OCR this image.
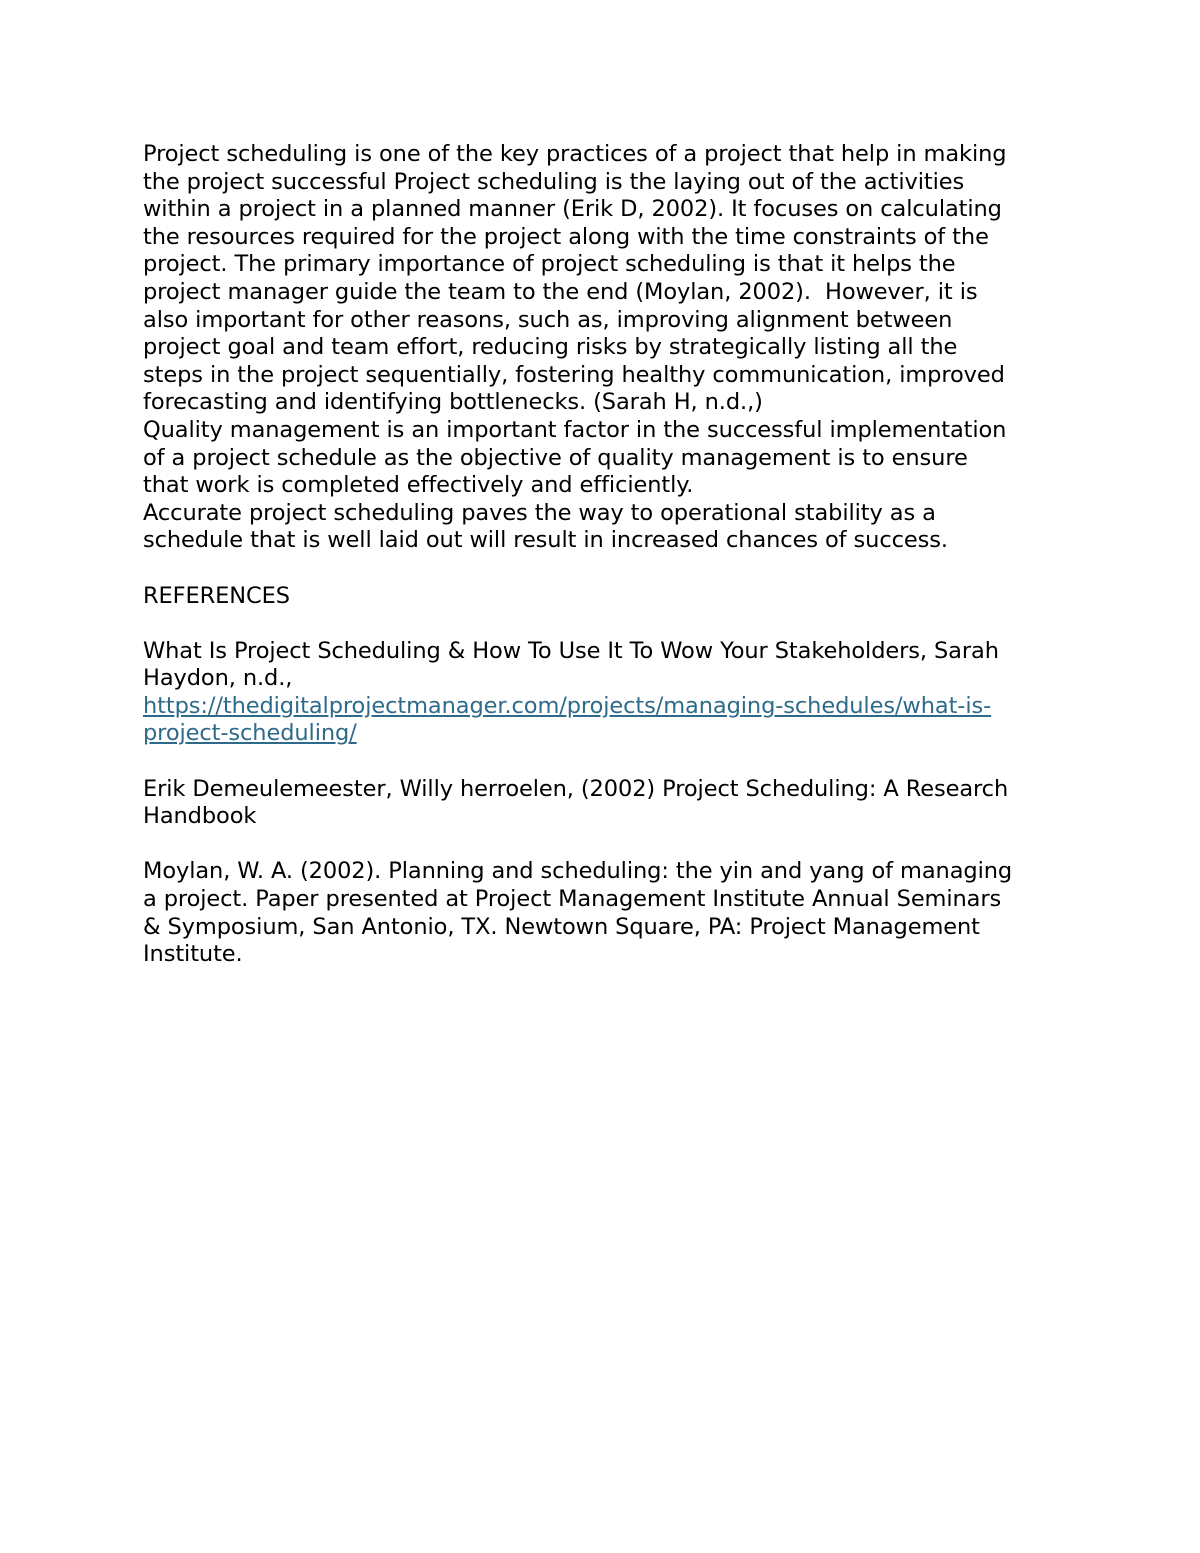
Project scheduling is one of the key practices of a project that help in making
the project successful Project scheduling is the laying out of the activities
within a project in a planned manner (Erik D, 2002). It focuses on calculating
the resources required for the project along with the time constraints of the
project. The primary importance of project scheduling is that it helps the
project manager guide the team to the end (Moylan, 2002).  However, it is
also important for other reasons, such as, improving alignment between
project goal and team effort, reducing risks by strategically listing all the
steps in the project sequentially, fostering healthy communication, improved
forecasting and identifying bottlenecks. (Sarah H, n.d.,)
Quality management is an important factor in the successful implementation
of a project schedule as the objective of quality management is to ensure
that work is completed effectively and efficiently.
Accurate project scheduling paves the way to operational stability as a
schedule that is well laid out will result in increased chances of success.
REFERENCES
What Is Project Scheduling & How To Use It To Wow Your Stakeholders, Sarah
Haydon, n.d.,
https://thedigitalprojectmanager.com/projects/managing-schedules/what-is-
project-scheduling/
Erik Demeulemeester, Willy herroelen, (2002) Project Scheduling: A Research
Handbook
Moylan, W. A. (2002). Planning and scheduling: the yin and yang of managing
a project. Paper presented at Project Management Institute Annual Seminars
& Symposium, San Antonio, TX. Newtown Square, PA: Project Management
Institute.
